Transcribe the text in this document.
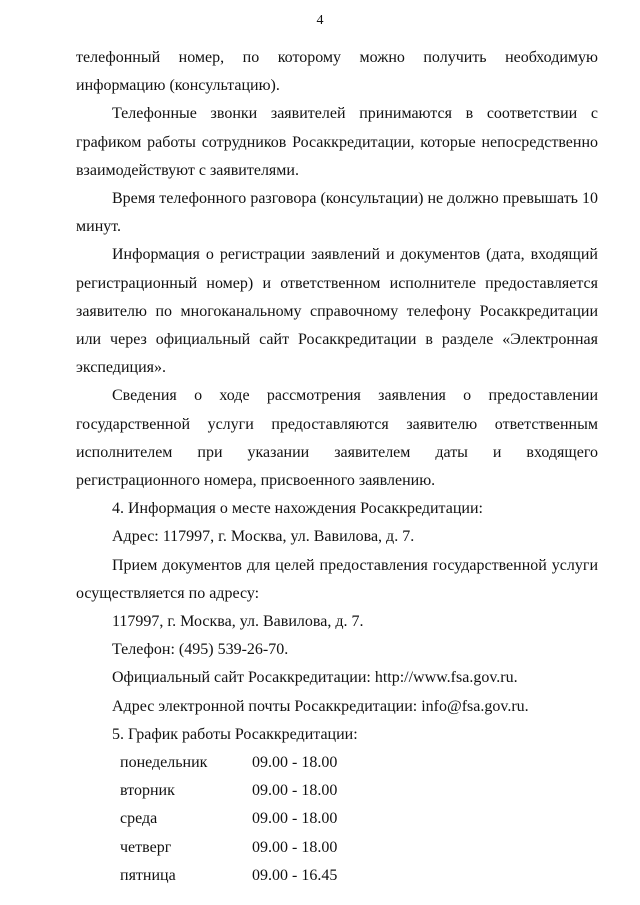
4

телефонный номер, по которому можно получить необходимую информацию (консультацию).

Телефонные звонки заявителей принимаются в соответствии с графиком работы сотрудников Росаккредитации, которые непосредственно взаимодействуют с заявителями.

Время телефонного разговора (консультации) не должно превышать 10 минут.

Информация о регистрации заявлений и документов (дата, входящий регистрационный номер) и ответственном исполнителе предоставляется заявителю по многоканальному справочному телефону Росаккредитации или через официальный сайт Росаккредитации в разделе «Электронная экспедиция».

Сведения о ходе рассмотрения заявления о предоставлении государственной услуги предоставляются заявителю ответственным исполнителем при указании заявителем даты и входящего регистрационного номера, присвоенного заявлению.

4. Информация о месте нахождения Росаккредитации:

Адрес: 117997, г. Москва, ул. Вавилова, д. 7.

Прием документов для целей предоставления государственной услуги осуществляется по адресу:

117997, г. Москва, ул. Вавилова, д. 7.

Телефон: (495) 539-26-70.

Официальный сайт Росаккредитации: http://www.fsa.gov.ru.

Адрес электронной почты Росаккредитации: info@fsa.gov.ru.

5. График работы Росаккредитации:

понедельник	09.00 - 18.00
вторник	09.00 - 18.00
среда	09.00 - 18.00
четверг	09.00 - 18.00
пятница	09.00 - 16.45
